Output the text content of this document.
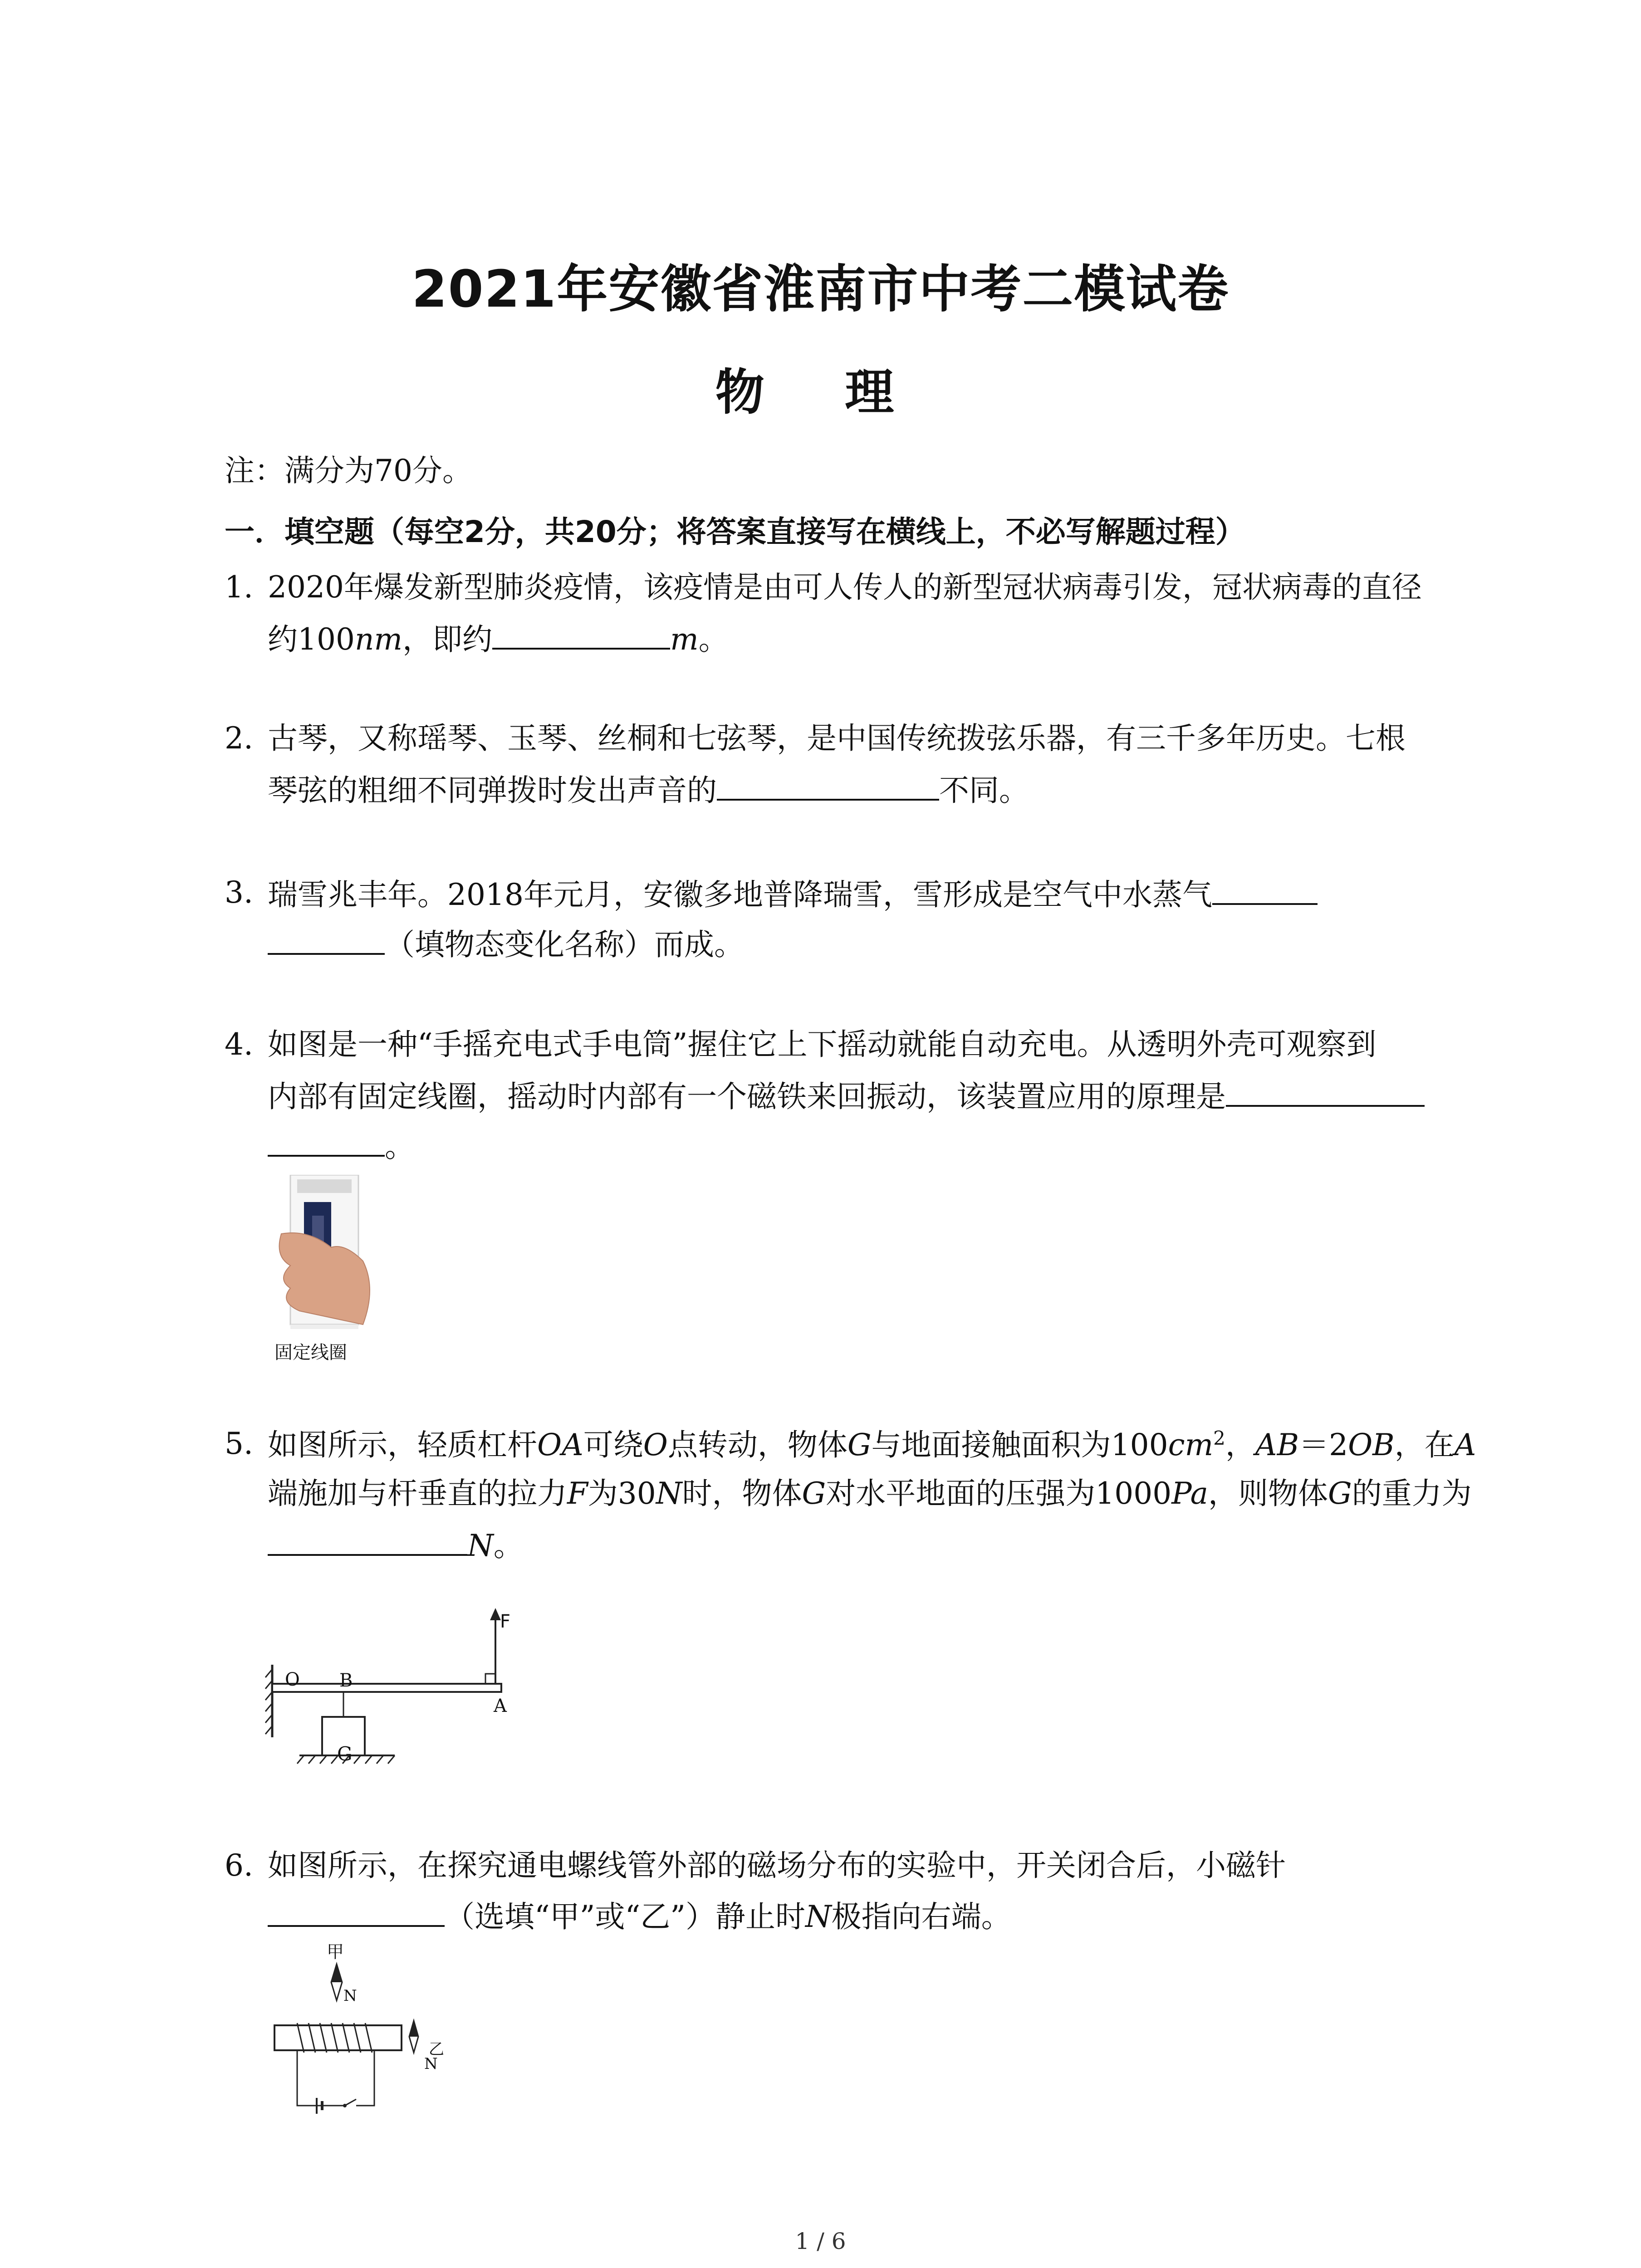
2021年安徽省淮南市中考二模试卷
物 理
注：满分为70分。
一．填空题（每空2分，共20分；将答案直接写在横线上，不必写解题过程）
1. 2020年爆发新型肺炎疫情，该疫情是由可人传人的新型冠状病毒引发，冠状病毒的直径
约100nm，即约	m。
2. 古琴，又称瑶琴、玉琴、丝桐和七弦琴，是中国传统拨弦乐器，有三千多年历史。七根
琴弦的粗细不同弹拨时发出声音的	不同。
3. 瑞雪兆丰年。2018年元月，安徽多地普降瑞雪，雪形成是空气中水蒸气
（填物态变化名称）而成。
4. 如图是一种“手摇充电式手电筒”握住它上下摇动就能自动充电。从透明外壳可观察到
内部有固定线圈，摇动时内部有一个磁铁来回振动，该装置应用的原理是
。
固定线圈
5. 如图所示，轻质杠杆OA可绕O点转动，物体G与地面接触面积为$100cm^2$，AB＝2OB，在A
端施加与杆垂直的拉力F为30N时，物体G对水平地面的压强为1000Pa，则物体G的重力为
N。
O B
A
F
G
6. 如图所示，在探究通电螺线管外部的磁场分布的实验中，开关闭合后，小磁针
（选填“甲”或“乙”）静止时N极指向右端。
甲
N
乙
N
1 / 6
